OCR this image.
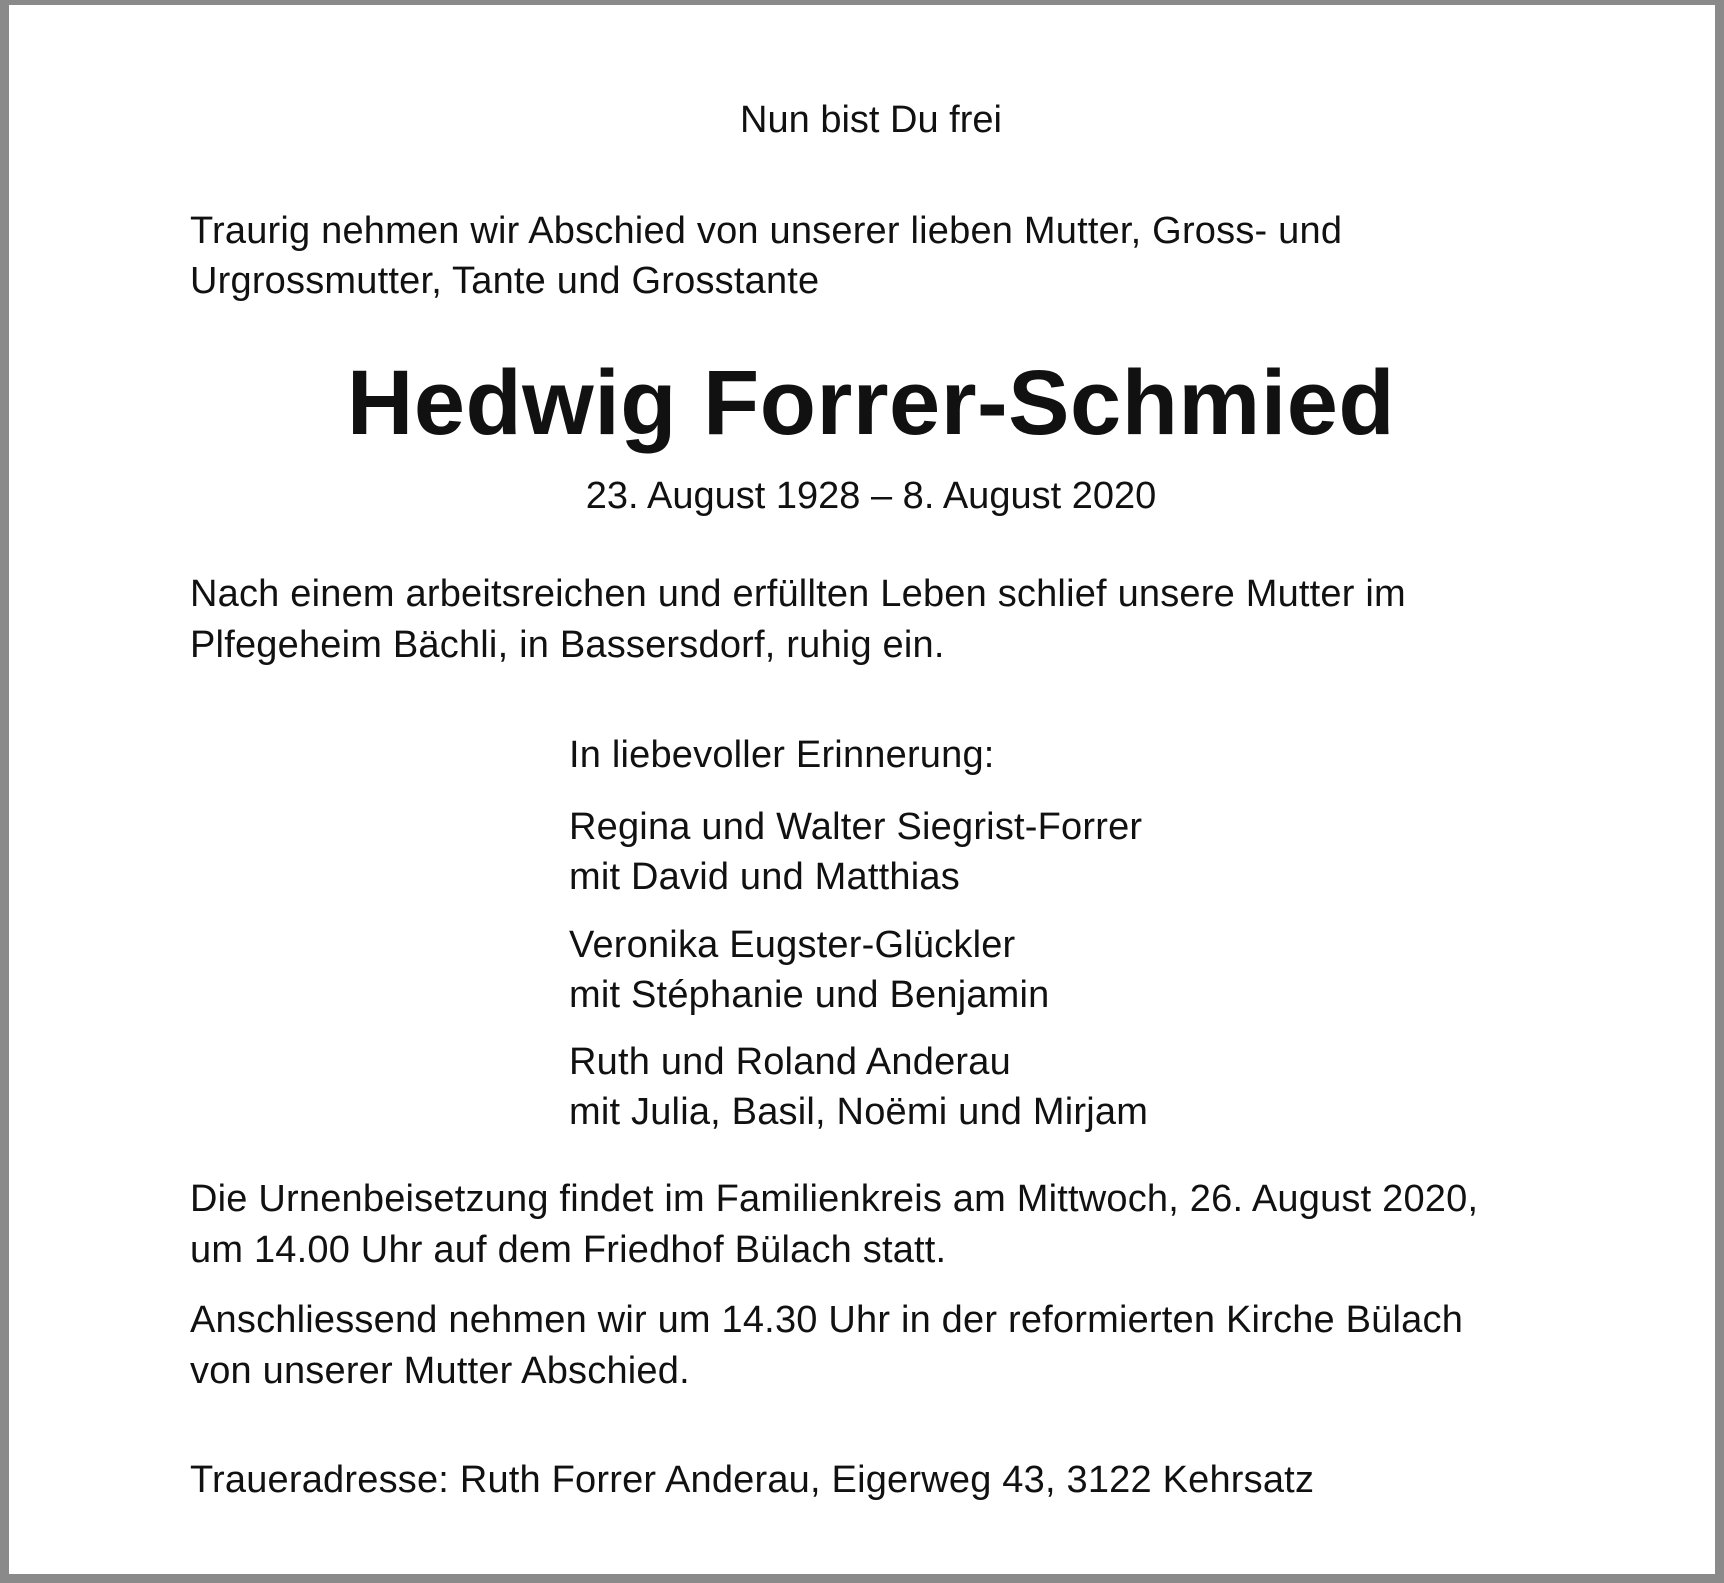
Nun bist Du frei

Traurig nehmen wir Abschied von unserer lieben Mutter, Gross- und

Urgrossmutter, Tante und Grosstante

Hedwig Forrer-Schmied

23. August 1928 – 8. August 2020

Nach einem arbeitsreichen und erfüllten Leben schlief unsere Mutter im

Plfegeheim Bächli, in Bassersdorf, ruhig ein.

In liebevoller Erinnerung:

Regina und Walter Siegrist-Forrer

mit David und Matthias

Veronika Eugster-Glückler

mit Stéphanie und Benjamin

Ruth und Roland Anderau

mit Julia, Basil, Noëmi und Mirjam

Die Urnenbeisetzung findet im Familienkreis am Mittwoch, 26. August 2020,

um 14.00 Uhr auf dem Friedhof Bülach statt.

Anschliessend nehmen wir um 14.30 Uhr in der reformierten Kirche Bülach

von unserer Mutter Abschied.

Traueradresse: Ruth Forrer Anderau, Eigerweg 43, 3122 Kehrsatz
